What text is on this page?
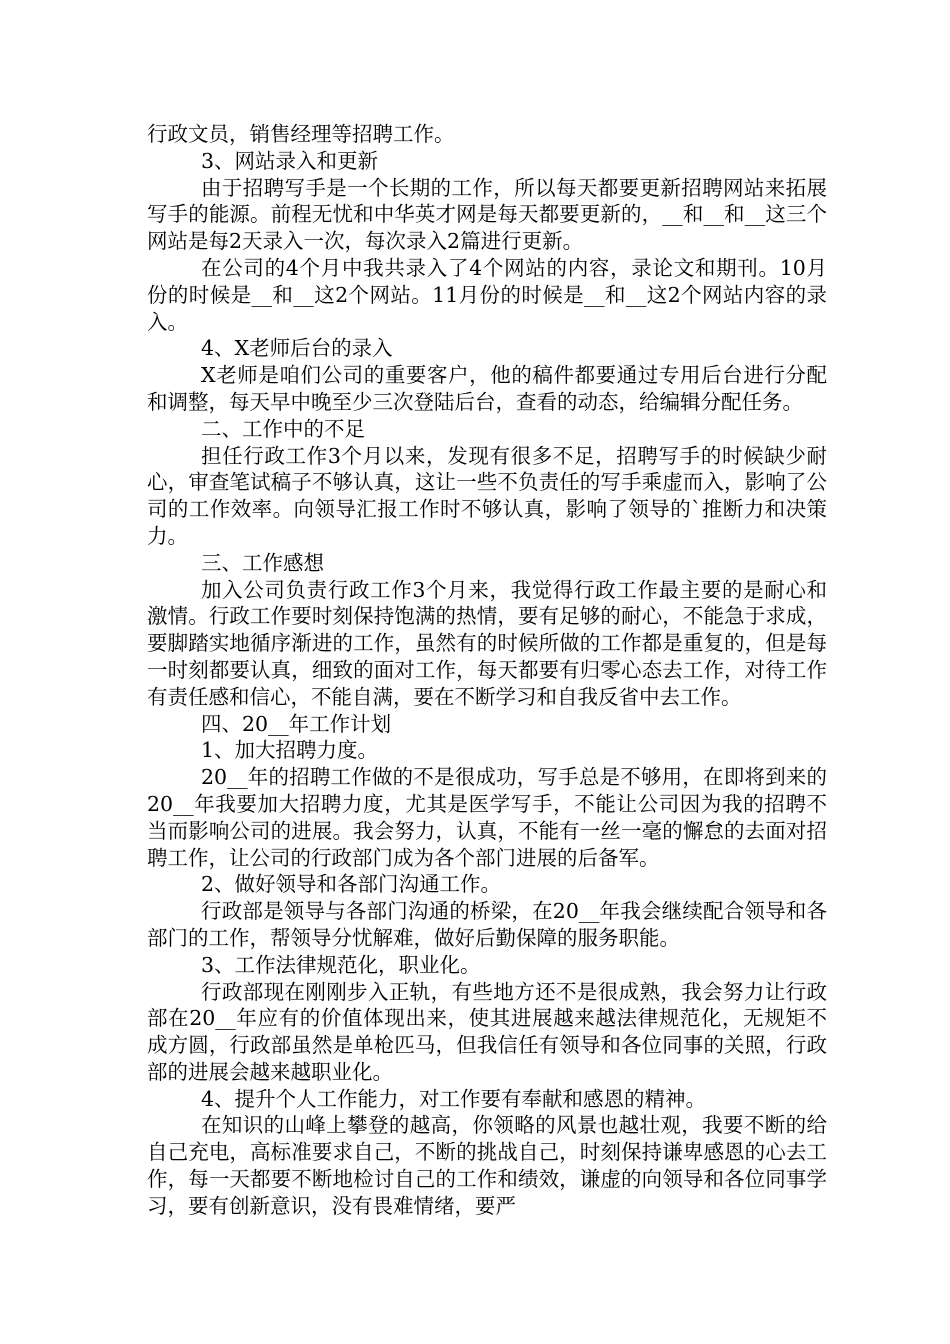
行政文员，销售经理等招聘工作。

3、网站录入和更新

由于招聘写手是一个长期的工作，所以每天都要更新招聘网站来拓展写手的能源。前程无忧和中华英才网是每天都要更新的，__和__和__这三个网站是每2天录入一次，每次录入2篇进行更新。

在公司的4个月中我共录入了4个网站的内容，录论文和期刊。10月份的时候是__和__这2个网站。11月份的时候是__和__这2个网站内容的录入。

4、X老师后台的录入

X老师是咱们公司的重要客户，他的稿件都要通过专用后台进行分配和调整，每天早中晚至少三次登陆后台，查看的动态，给编辑分配任务。

二、工作中的不足

担任行政工作3个月以来，发现有很多不足，招聘写手的时候缺少耐心，审查笔试稿子不够认真，这让一些不负责任的写手乘虚而入，影响了公司的工作效率。向领导汇报工作时不够认真，影响了领导的`推断力和决策力。

三、工作感想

加入公司负责行政工作3个月来，我觉得行政工作最主要的是耐心和激情。行政工作要时刻保持饱满的热情，要有足够的耐心，不能急于求成，要脚踏实地循序渐进的工作，虽然有的时候所做的工作都是重复的，但是每一时刻都要认真，细致的面对工作，每天都要有归零心态去工作，对待工作有责任感和信心，不能自满，要在不断学习和自我反省中去工作。

四、20__年工作计划

1、加大招聘力度。

20__年的招聘工作做的不是很成功，写手总是不够用，在即将到来的20__年我要加大招聘力度，尤其是医学写手，不能让公司因为我的招聘不当而影响公司的进展。我会努力，认真，不能有一丝一毫的懈怠的去面对招聘工作，让公司的行政部门成为各个部门进展的后备军。

2、做好领导和各部门沟通工作。

行政部是领导与各部门沟通的桥梁，在20__年我会继续配合领导和各部门的工作，帮领导分忧解难，做好后勤保障的服务职能。

3、工作法律规范化，职业化。

行政部现在刚刚步入正轨，有些地方还不是很成熟，我会努力让行政部在20__年应有的价值体现出来，使其进展越来越法律规范化，无规矩不成方圆，行政部虽然是单枪匹马，但我信任有领导和各位同事的关照，行政部的进展会越来越职业化。

4、提升个人工作能力，对工作要有奉献和感恩的精神。

在知识的山峰上攀登的越高，你领略的风景也越壮观，我要不断的给自己充电，高标准要求自己，不断的挑战自己，时刻保持谦卑感恩的心去工作，每一天都要不断地检讨自己的工作和绩效，谦虚的向领导和各位同事学习，要有创新意识，没有畏难情绪，要严
